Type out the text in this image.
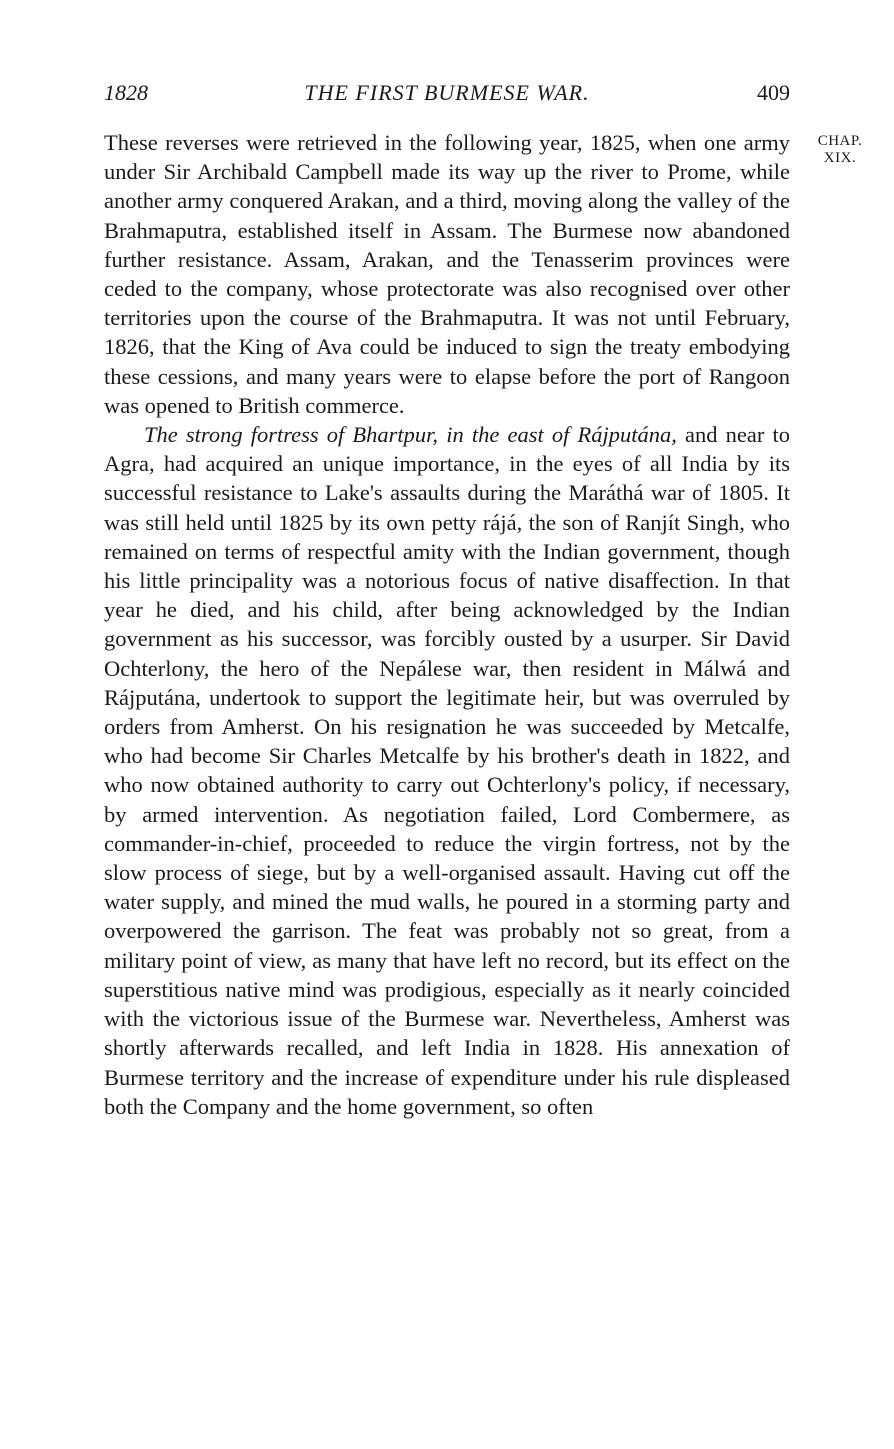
1828	THE FIRST BURMESE WAR.	409
CHAP.
XIX.

These reverses were retrieved in the following year, 1825, when one army under Sir Archibald Campbell made its way up the river to Prome, while another army conquered Arakan, and a third, moving along the valley of the Brahmaputra, established itself in Assam. The Burmese now abandoned further resistance. Assam, Arakan, and the Tenasserim provinces were ceded to the company, whose protectorate was also recognised over other territories upon the course of the Brahmaputra. It was not until February, 1826, that the King of Ava could be induced to sign the treaty embodying these cessions, and many years were to elapse before the port of Rangoon was opened to British commerce.

The strong fortress of Bhartpur, in the east of Rájputána, and near to Agra, had acquired an unique importance, in the eyes of all India by its successful resistance to Lake's assaults during the Maráthá war of 1805. It was still held until 1825 by its own petty rájá, the son of Ranjít Singh, who remained on terms of respectful amity with the Indian government, though his little principality was a notorious focus of native disaffection. In that year he died, and his child, after being acknowledged by the Indian government as his successor, was forcibly ousted by a usurper. Sir David Ochterlony, the hero of the Nepálese war, then resident in Málwá and Rájputána, undertook to support the legitimate heir, but was overruled by orders from Amherst. On his resignation he was succeeded by Metcalfe, who had become Sir Charles Metcalfe by his brother's death in 1822, and who now obtained authority to carry out Ochterlony's policy, if necessary, by armed intervention. As negotiation failed, Lord Combermere, as commander-in-chief, proceeded to reduce the virgin fortress, not by the slow process of siege, but by a well-organised assault. Having cut off the water supply, and mined the mud walls, he poured in a storming party and overpowered the garrison. The feat was probably not so great, from a military point of view, as many that have left no record, but its effect on the superstitious native mind was prodigious, especially as it nearly coincided with the victorious issue of the Burmese war. Nevertheless, Amherst was shortly afterwards recalled, and left India in 1828. His annexation of Burmese territory and the increase of expenditure under his rule displeased both the Company and the home government, so often
